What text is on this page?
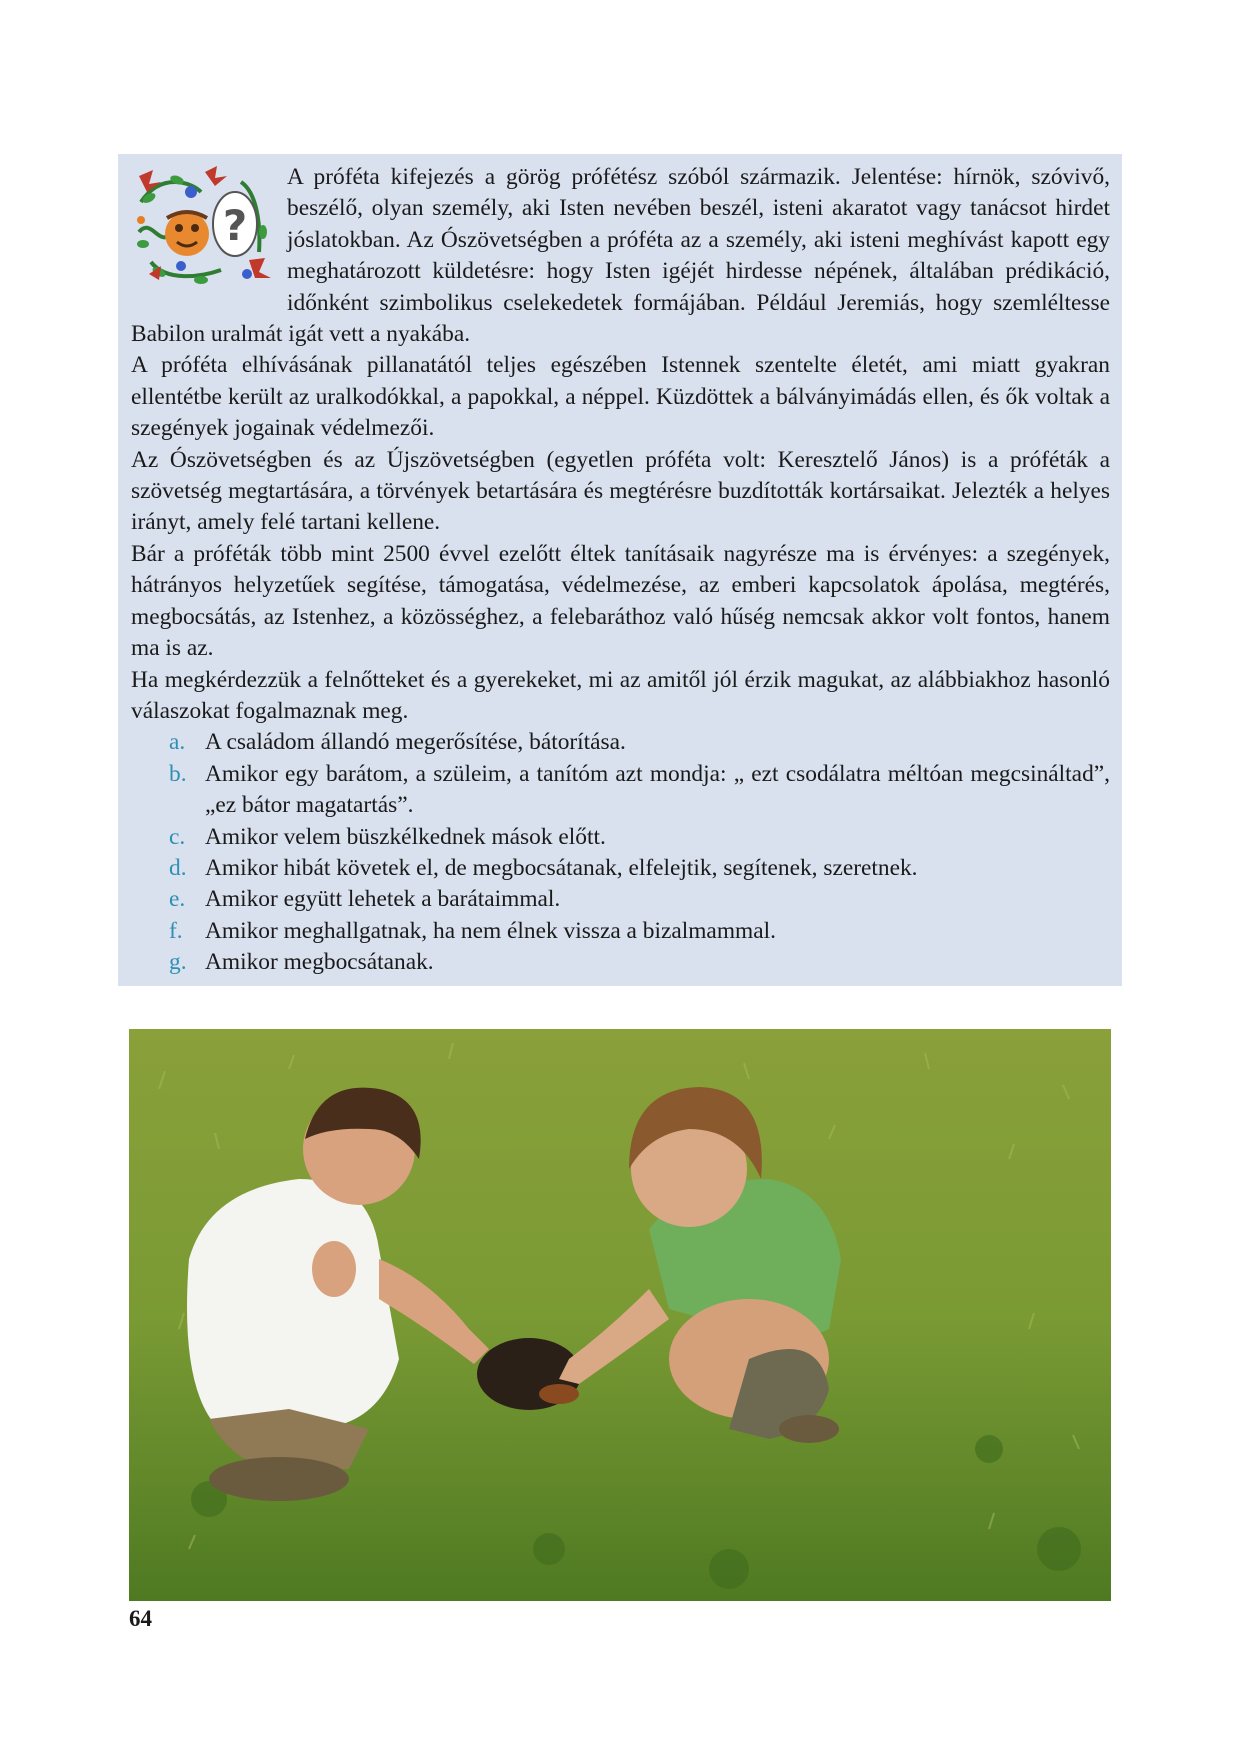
?

A próféta kifejezés a görög prófétész szóból származik. Jelentése: hírnök, szóvivő, beszélő, olyan személy, aki Isten nevében beszél, isteni akaratot vagy tanácsot hirdet jóslatokban. Az Ószövetségben a próféta az a személy, aki isteni meghívást kapott egy meghatározott küldetésre: hogy Isten igéjét hirdesse népének, általában prédikáció, időnként szimbolikus cselekedetek formájában. Például Jeremiás, hogy szemléltesse Babilon uralmát igát vett a nyakába.

A próféta elhívásának pillanatától teljes egészében Istennek szentelte életét, ami miatt gyakran ellentétbe került az uralkodókkal, a papokkal, a néppel. Küzdöttek a bálványimádás ellen, és ők voltak a szegények jogainak védelmezői.

Az Ószövetségben és az Újszövetségben (egyetlen próféta volt: Keresztelő János) is a próféták a szövetség megtartására, a törvények betartására és megtérésre buzdították kortársaikat. Jelezték a helyes irányt, amely felé tartani kellene.

Bár a próféták több mint 2500 évvel ezelőtt éltek tanításaik nagyrésze ma is érvényes: a szegények, hátrányos helyzetűek segítése, támogatása, védelmezése, az emberi kapcsolatok ápolása, megtérés, megbocsátás, az Istenhez, a közösséghez, a felebaráthoz való hűség nemcsak akkor volt fontos, hanem ma is az.

Ha megkérdezzük a felnőtteket és a gyerekeket, mi az amitől jól érzik magukat, az alábbiakhoz hasonló válaszokat fogalmaznak meg.

a. A családom állandó megerősítése, bátorítása.
b. Amikor egy barátom, a szüleim, a tanítóm azt mondja: „ ezt csodálatra méltóan megcsináltad”, „ez bátor magatartás”.
c. Amikor velem büszkélkednek mások előtt.
d. Amikor hibát követek el, de megbocsátanak, elfelejtik, segítenek, szeretnek.
e. Amikor együtt lehetek a barátaimmal.
f. Amikor meghallgatnak, ha nem élnek vissza a bizalmammal.
g. Amikor megbocsátanak.

64
